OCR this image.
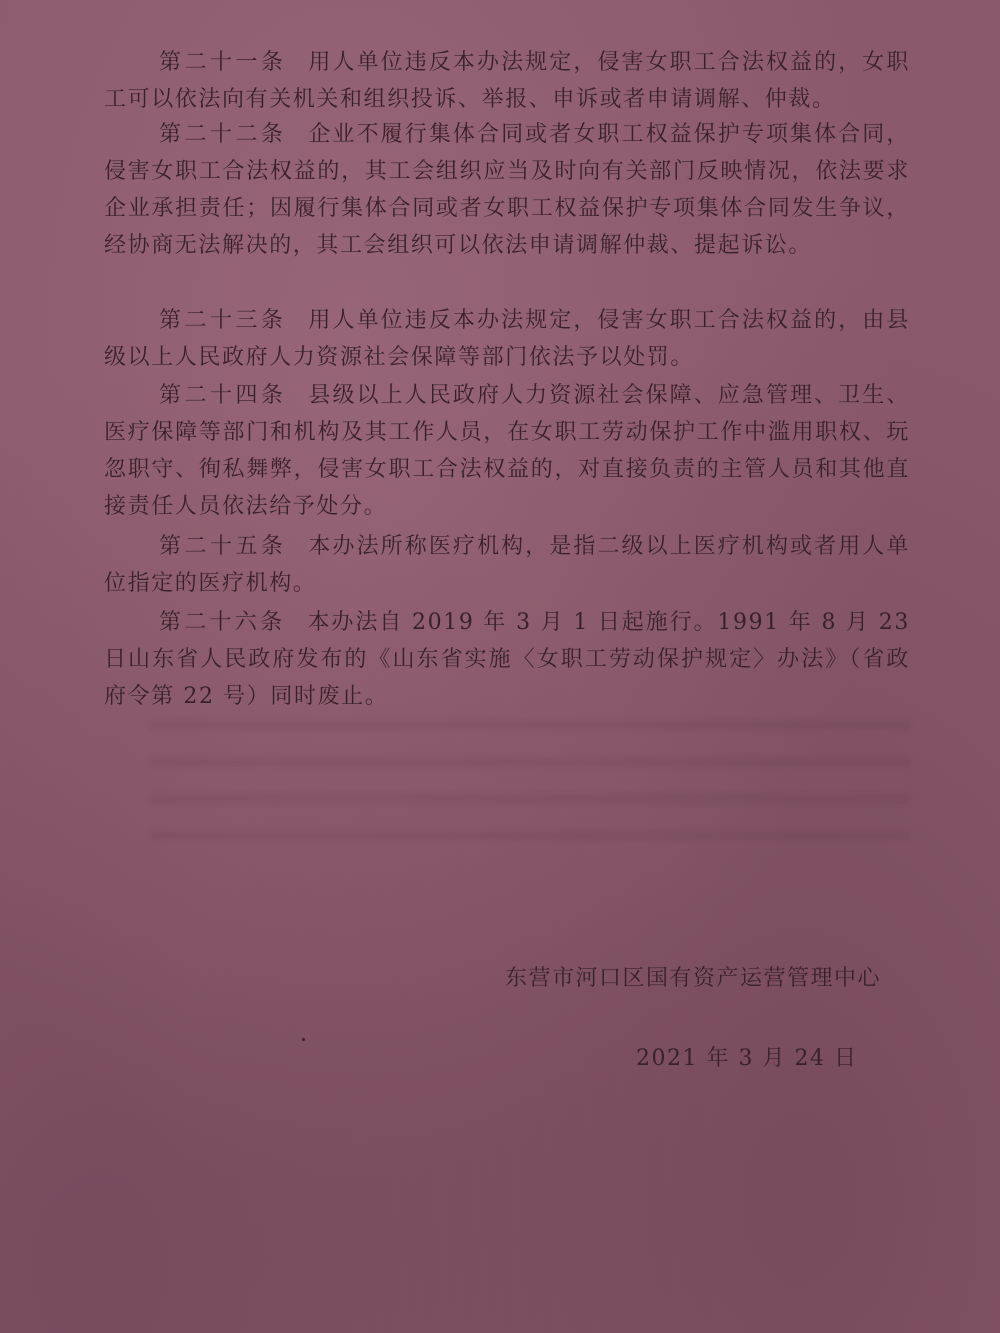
第二十一条 用人单位违反本办法规定，侵害女职工合法权益的，女职工可以依法向有关机关和组织投诉、举报、申诉或者申请调解、仲裁。

第二十二条 企业不履行集体合同或者女职工权益保护专项集体合同，侵害女职工合法权益的，其工会组织应当及时向有关部门反映情况，依法要求企业承担责任；因履行集体合同或者女职工权益保护专项集体合同发生争议，经协商无法解决的，其工会组织可以依法申请调解仲裁、提起诉讼。

第二十三条 用人单位违反本办法规定，侵害女职工合法权益的，由县级以上人民政府人力资源社会保障等部门依法予以处罚。

第二十四条 县级以上人民政府人力资源社会保障、应急管理、卫生、医疗保障等部门和机构及其工作人员，在女职工劳动保护工作中滥用职权、玩忽职守、徇私舞弊，侵害女职工合法权益的，对直接负责的主管人员和其他直接责任人员依法给予处分。

第二十五条 本办法所称医疗机构，是指二级以上医疗机构或者用人单位指定的医疗机构。

第二十六条 本办法自 2019 年 3 月 1 日起施行。1991 年 8 月 23 日山东省人民政府发布的《山东省实施〈女职工劳动保护规定〉办法》（省政府令第 22 号）同时废止。

东营市河口区国有资产运营管理中心
2021 年 3 月 24 日
